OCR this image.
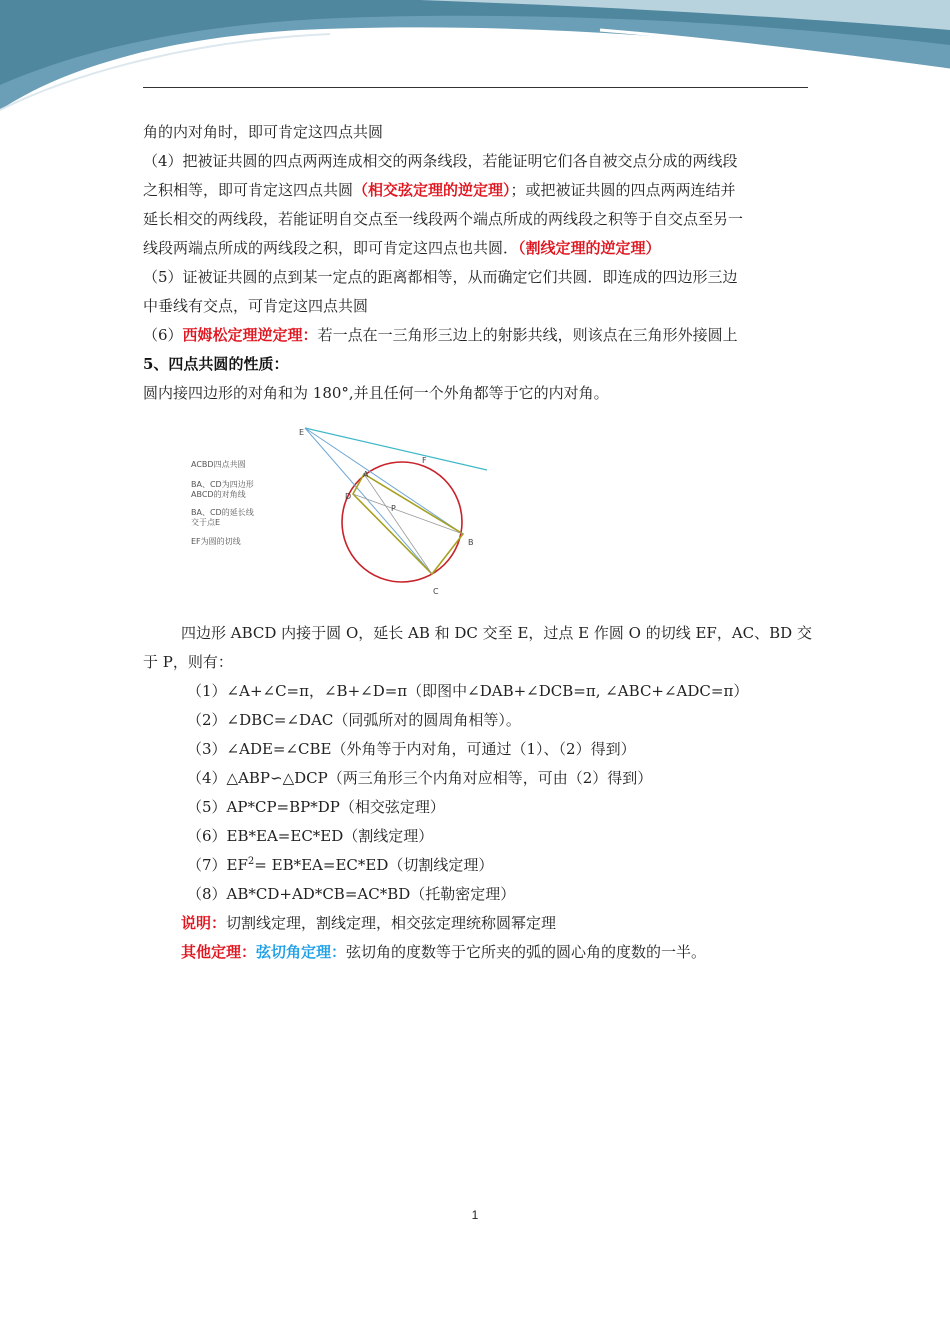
角的内对角时，即可肯定这四点共圆

（4）把被证共圆的四点两两连成相交的两条线段，若能证明它们各自被交点分成的两线段

之积相等，即可肯定这四点共圆（相交弦定理的逆定理）；或把被证共圆的四点两两连结并

延长相交的两线段，若能证明自交点至一线段两个端点所成的两线段之积等于自交点至另一

线段两端点所成的两线段之积，即可肯定这四点也共圆．（割线定理的逆定理）

（5）证被证共圆的点到某一定点的距离都相等，从而确定它们共圆．即连成的四边形三边

中垂线有交点，可肯定这四点共圆

（6）西姆松定理逆定理：若一点在一三角形三边上的射影共线，则该点在三角形外接圆上

5、四点共圆的性质：

圆内接四边形的对角和为 180°,并且任何一个外角都等于它的内对角。

ACBD四点共圆
BA、CD为四边形
ABCD的对角线
BA、CD的延长线
交于点E
EF为圆的切线
E
F
A
D
P
B
C

四边形 ABCD 内接于圆 O，延长 AB 和 DC 交至 E，过点 E 作圆 O 的切线 EF，AC、BD 交

于 P，则有：

（1）∠A+∠C=π，∠B+∠D=π（即图中∠DAB+∠DCB=π, ∠ABC+∠ADC=π）

（2）∠DBC=∠DAC（同弧所对的圆周角相等）。

（3）∠ADE=∠CBE（外角等于内对角，可通过（1）、（2）得到）

（4）△ABP∽△DCP（两三角形三个内角对应相等，可由（2）得到）

（5）AP*CP=BP*DP（相交弦定理）

（6）EB*EA=EC*ED（割线定理）

$(7)EF^2= EB*EA=EC*ED$（切割线定理）

（8）AB*CD+AD*CB=AC*BD（托勒密定理）

说明：切割线定理，割线定理，相交弦定理统称圆幂定理

其他定理：弦切角定理：弦切角的度数等于它所夹的弧的圆心角的度数的一半。

1
